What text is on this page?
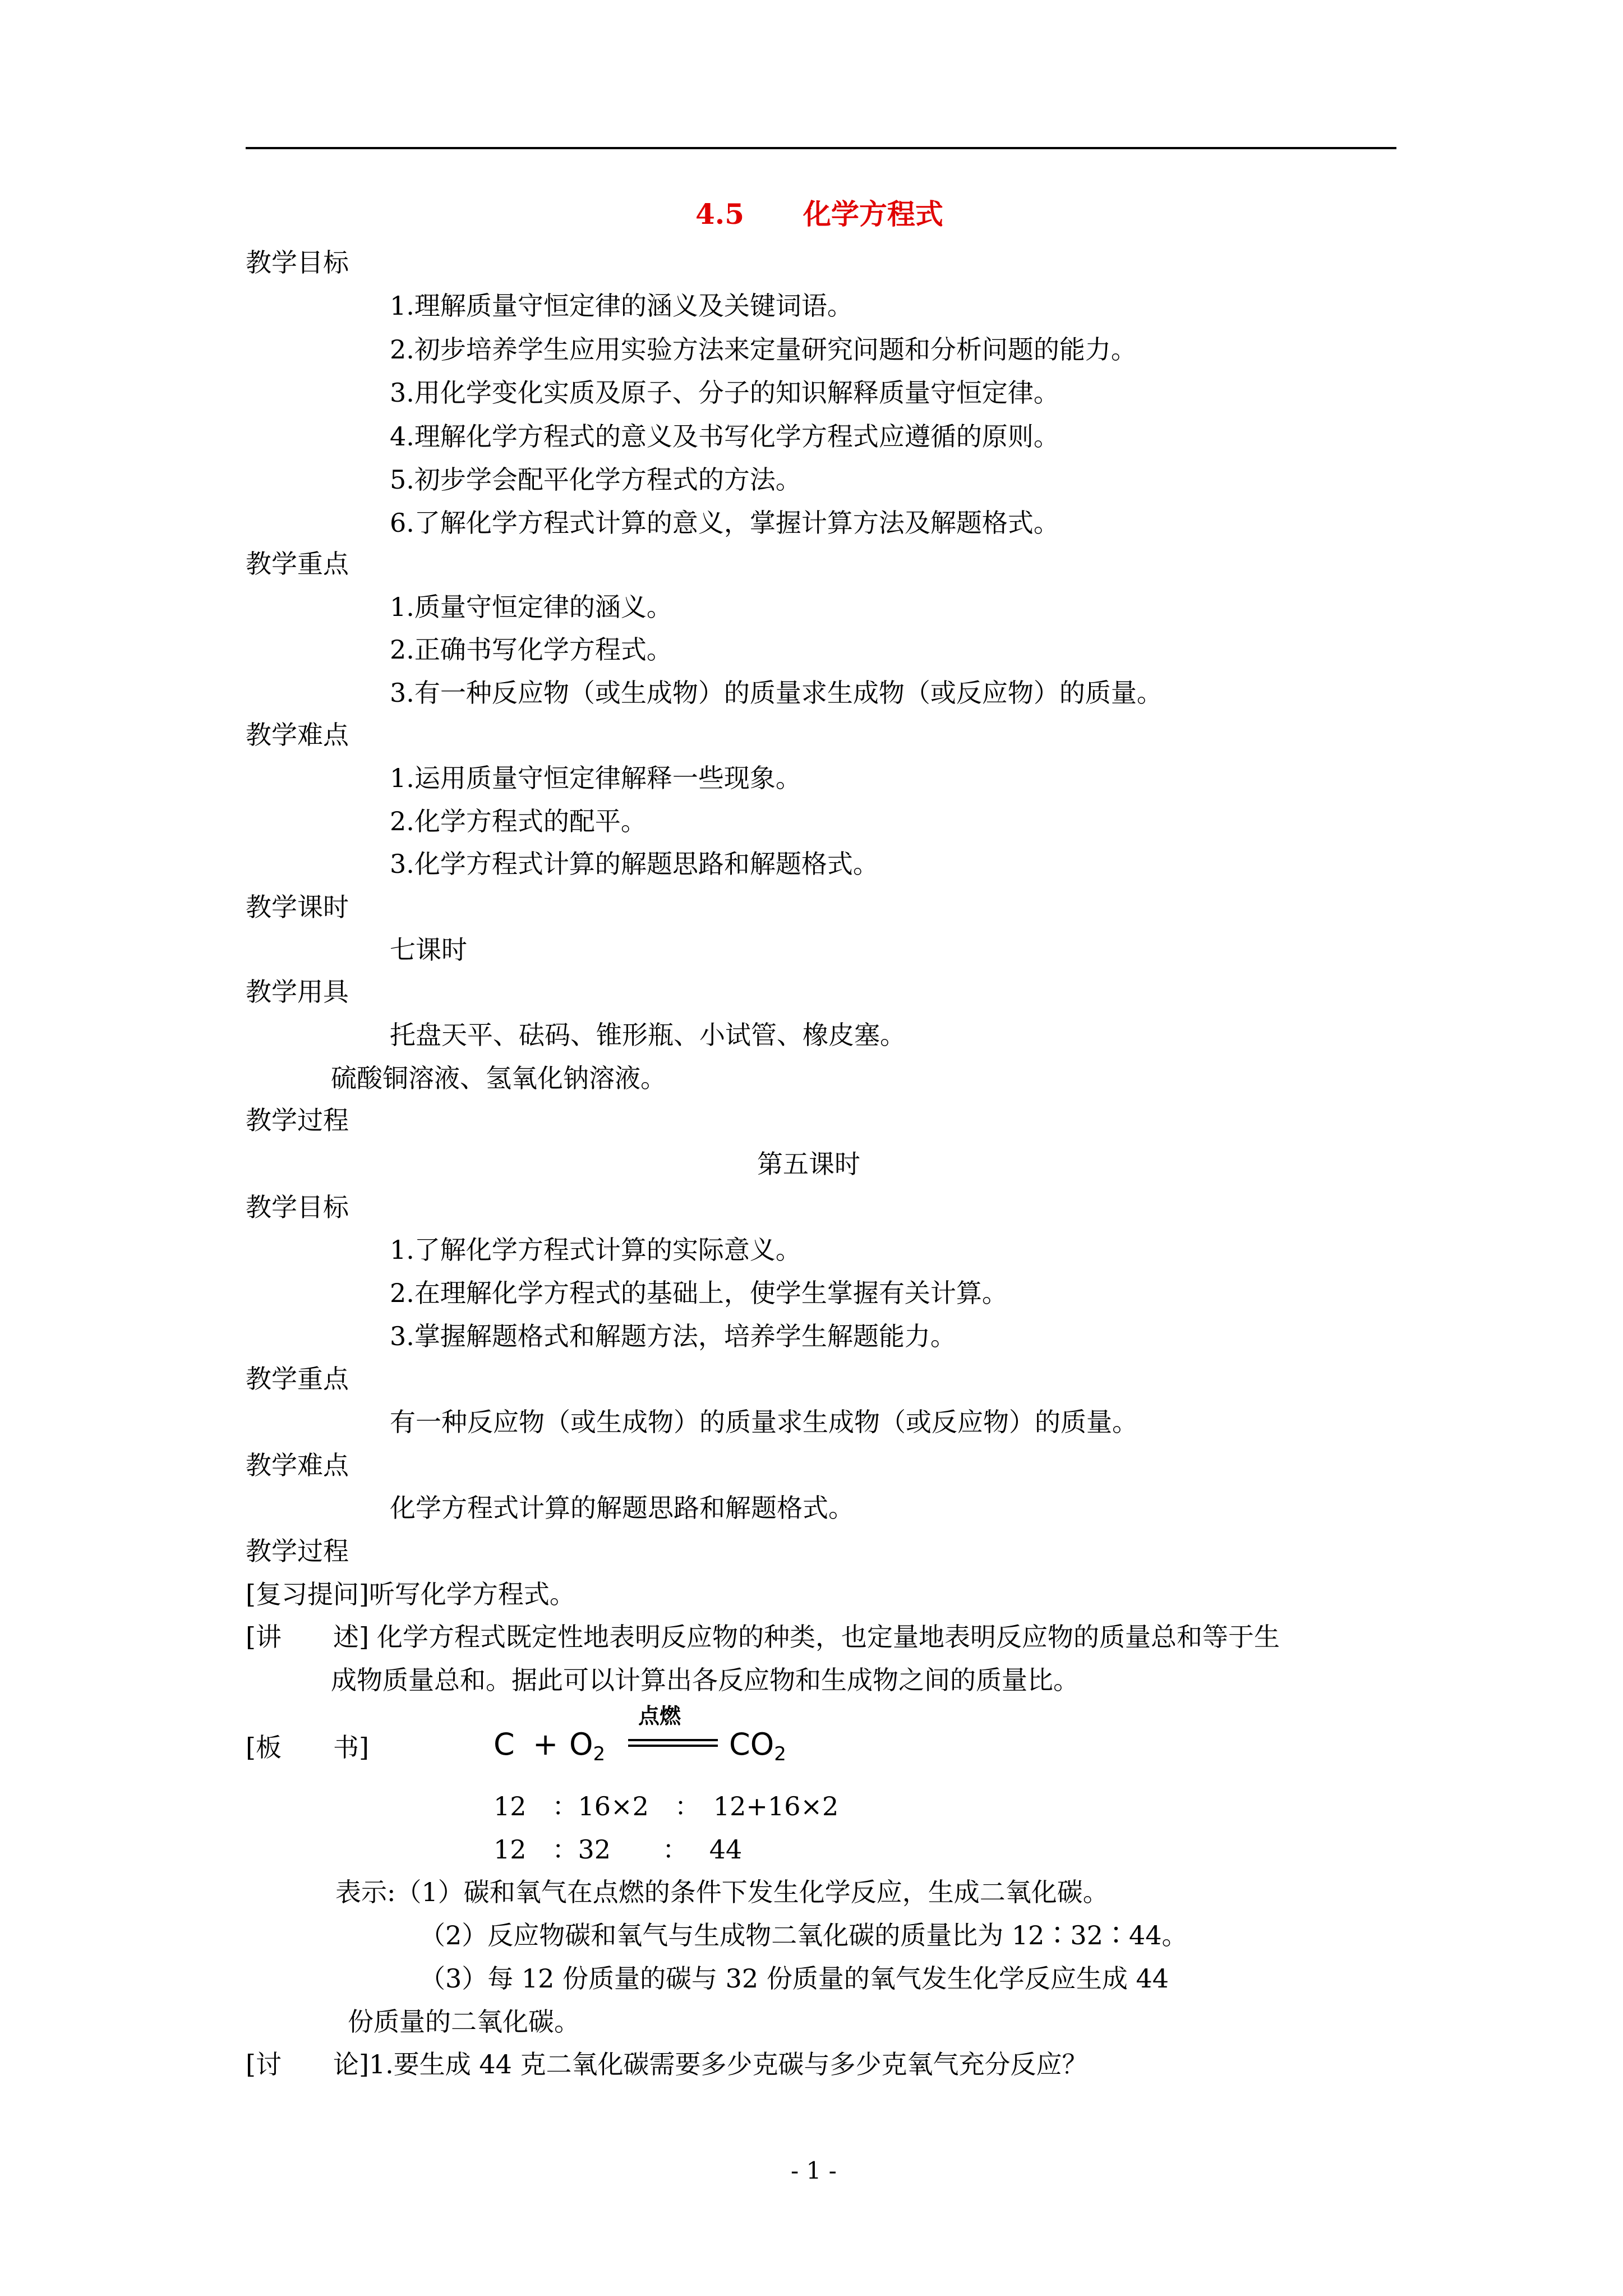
4.5 化学方程式
教学目标
1.理解质量守恒定律的涵义及关键词语。
2.初步培养学生应用实验方法来定量研究问题和分析问题的能力。
3.用化学变化实质及原子、分子的知识解释质量守恒定律。
4.理解化学方程式的意义及书写化学方程式应遵循的原则。
5.初步学会配平化学方程式的方法。
6.了解化学方程式计算的意义，掌握计算方法及解题格式。
教学重点
1.质量守恒定律的涵义。
2.正确书写化学方程式。
3.有一种反应物（或生成物）的质量求生成物（或反应物）的质量。
教学难点
1.运用质量守恒定律解释一些现象。
2.化学方程式的配平。
3.化学方程式计算的解题思路和解题格式。
教学课时
七课时
教学用具
托盘天平、砝码、锥形瓶、小试管、橡皮塞。
硫酸铜溶液、氢氧化钠溶液。
教学过程
第五课时
教学目标
1.了解化学方程式计算的实际意义。
2.在理解化学方程式的基础上，使学生掌握有关计算。
3.掌握解题格式和解题方法，培养学生解题能力。
教学重点
有一种反应物（或生成物）的质量求生成物（或反应物）的质量。
教学难点
化学方程式计算的解题思路和解题格式。
教学过程
[复习提问]听写化学方程式。
[讲　　述] 化学方程式既定性地表明反应物的种类，也定量地表明反应物的质量总和等于生
成物质量总和。据此可以计算出各反应物和生成物之间的质量比。
[板　　书]	$C + O_2$
点燃
$CO_2$
12　：16×2　：　12+16×2
12　：32　　：　 44
表示:（1）碳和氧气在点燃的条件下发生化学反应，生成二氧化碳。
（2）反应物碳和氧气与生成物二氧化碳的质量比为 12∶32∶44。
（3）每 12 份质量的碳与 32 份质量的氧气发生化学反应生成 44
份质量的二氧化碳。
[讨　　论]1.要生成 44 克二氧化碳需要多少克碳与多少克氧气充分反应？
- 1 -
